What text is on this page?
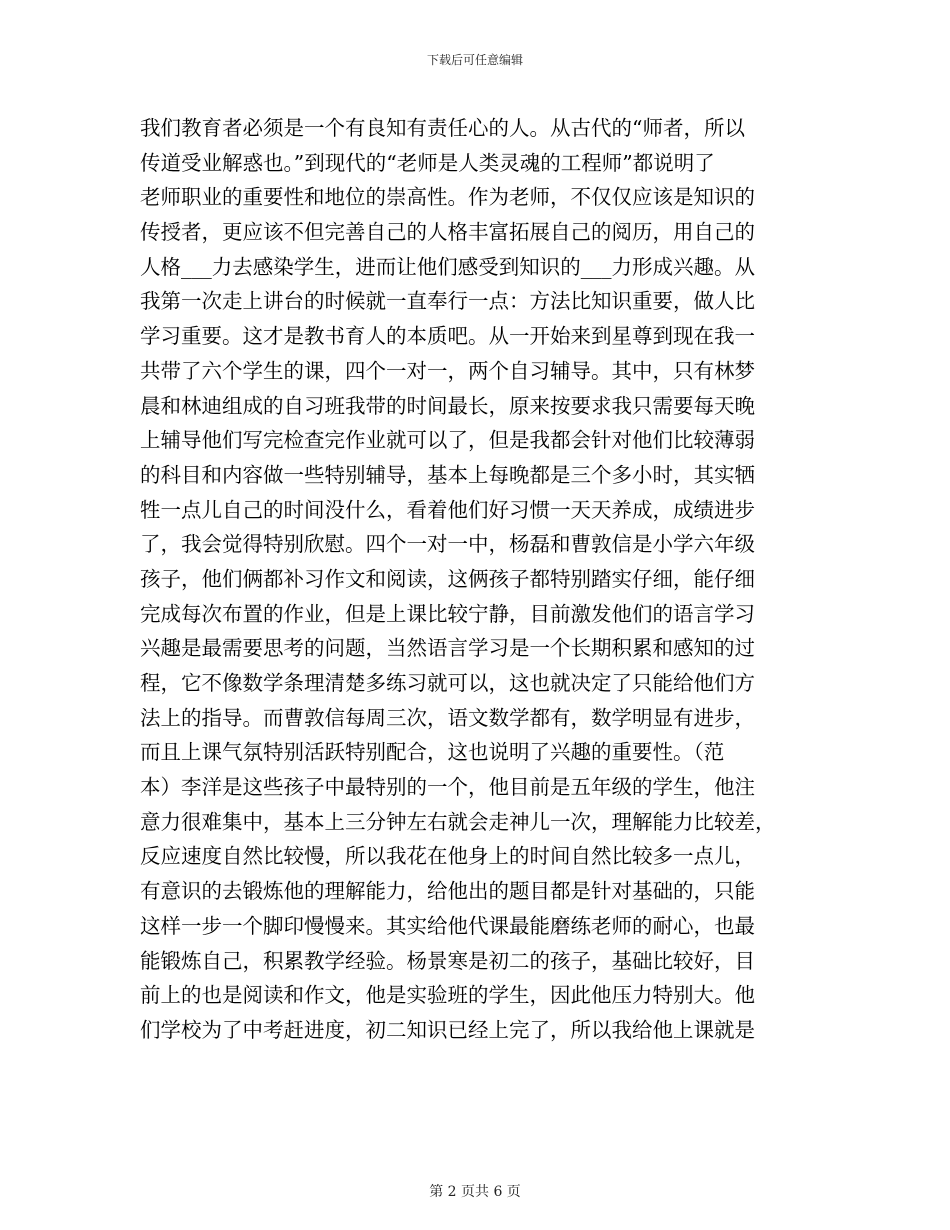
下载后可任意编辑
我们教育者必须是一个有良知有责任心的人。从古代的“师者，所以
传道受业解惑也。”到现代的“老师是人类灵魂的工程师”都说明了
老师职业的重要性和地位的崇高性。作为老师，不仅仅应该是知识的
传授者，更应该不但完善自己的人格丰富拓展自己的阅历，用自己的
人格___力去感染学生，进而让他们感受到知识的___力形成兴趣。从
我第一次走上讲台的时候就一直奉行一点：方法比知识重要，做人比
学习重要。这才是教书育人的本质吧。从一开始来到星尊到现在我一
共带了六个学生的课，四个一对一，两个自习辅导。其中，只有林梦
晨和林迪组成的自习班我带的时间最长，原来按要求我只需要每天晚
上辅导他们写完检查完作业就可以了，但是我都会针对他们比较薄弱
的科目和内容做一些特别辅导，基本上每晚都是三个多小时，其实牺
牲一点儿自己的时间没什么，看着他们好习惯一天天养成，成绩进步
了，我会觉得特别欣慰。四个一对一中，杨磊和曹敦信是小学六年级
孩子，他们俩都补习作文和阅读，这俩孩子都特别踏实仔细，能仔细
完成每次布置的作业，但是上课比较宁静，目前激发他们的语言学习
兴趣是最需要思考的问题，当然语言学习是一个长期积累和感知的过
程，它不像数学条理清楚多练习就可以，这也就决定了只能给他们方
法上的指导。而曹敦信每周三次，语文数学都有，数学明显有进步，
而且上课气氛特别活跃特别配合，这也说明了兴趣的重要性。（范
本）李洋是这些孩子中最特别的一个，他目前是五年级的学生，他注
意力很难集中，基本上三分钟左右就会走神儿一次，理解能力比较差，
反应速度自然比较慢，所以我花在他身上的时间自然比较多一点儿，
有意识的去锻炼他的理解能力，给他出的题目都是针对基础的，只能
这样一步一个脚印慢慢来。其实给他代课最能磨练老师的耐心，也最
能锻炼自己，积累教学经验。杨景寒是初二的孩子，基础比较好，目
前上的也是阅读和作文，他是实验班的学生，因此他压力特别大。他
们学校为了中考赶进度，初二知识已经上完了，所以我给他上课就是
第 2 页共 6 页
